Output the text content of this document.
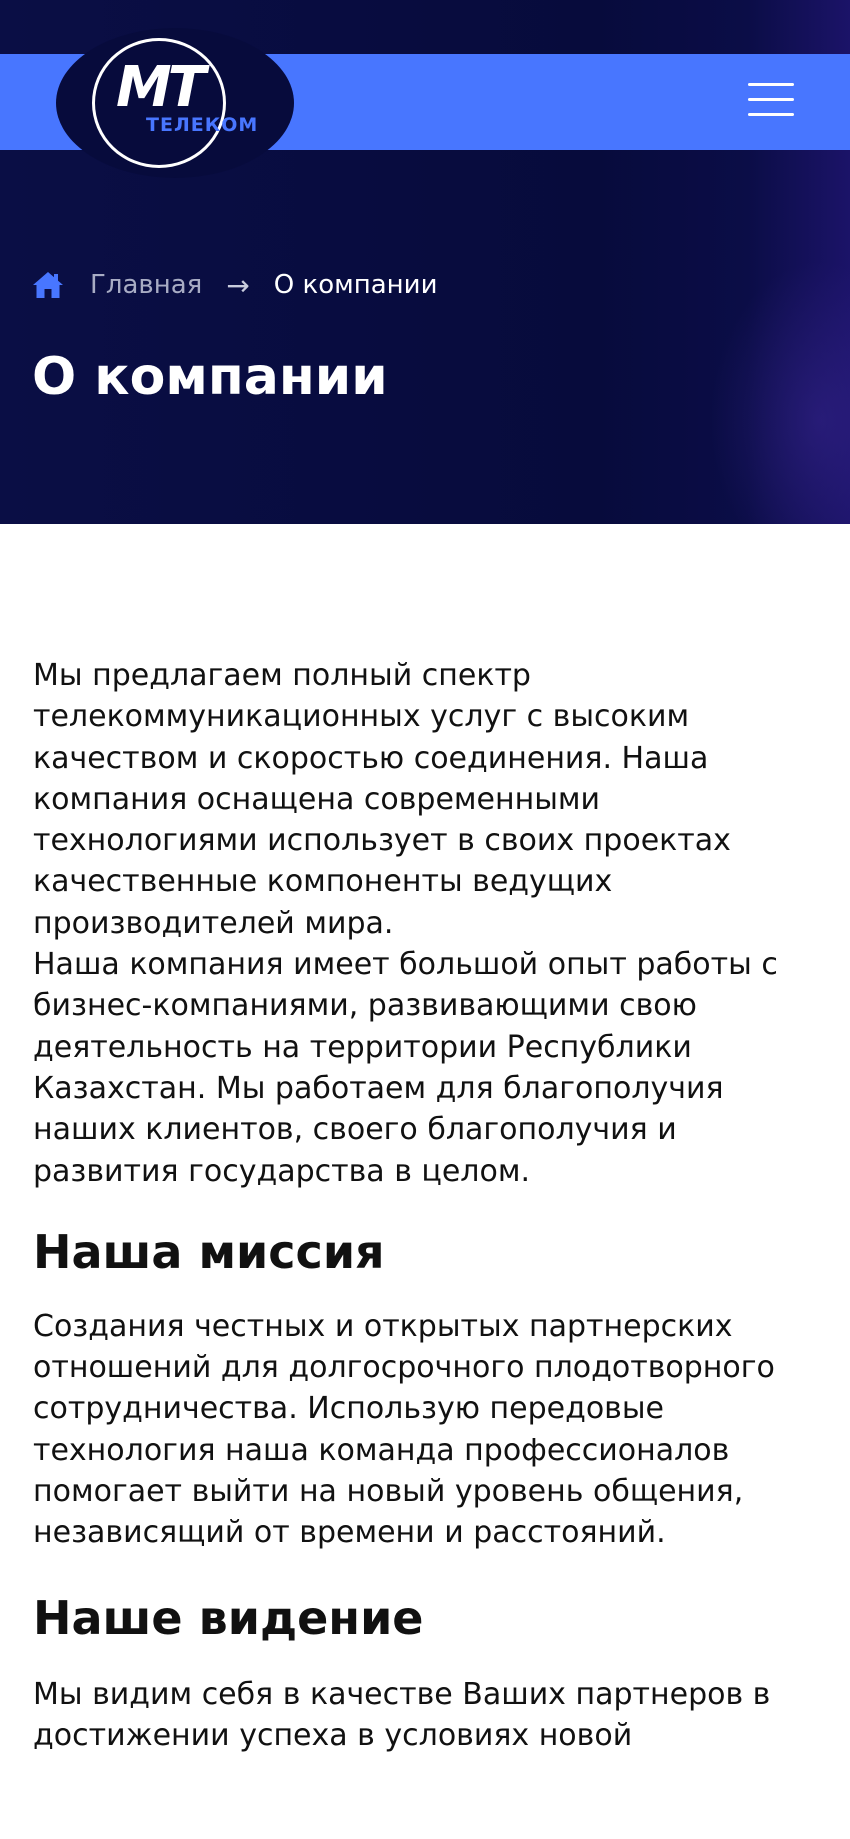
MT
ТЕЛЕКОМ
Главная → О компании
О компании

Мы предлагаем полный спектр телекоммуникационных услуг с высоким качеством и скоростью соединения. Наша компания оснащена современными технологиями использует в своих проектах качественные компоненты ведущих производителей мира.

Наша компания имеет большой опыт работы с бизнес-компаниями, развивающими свою деятельность на территории Республики Казахстан. Мы работаем для благополучия наших клиентов, своего благополучия и развития государства в целом.

Наша миссия

Создания честных и открытых партнерских отношений для долгосрочного плодотворного сотрудничества. Использую передовые технология наша команда профессионалов помогает выйти на новый уровень общения, независящий от времени и расстояний.

Наше видение

Мы видим себя в качестве Ваших партнеров в достижении успеха в условиях новой
